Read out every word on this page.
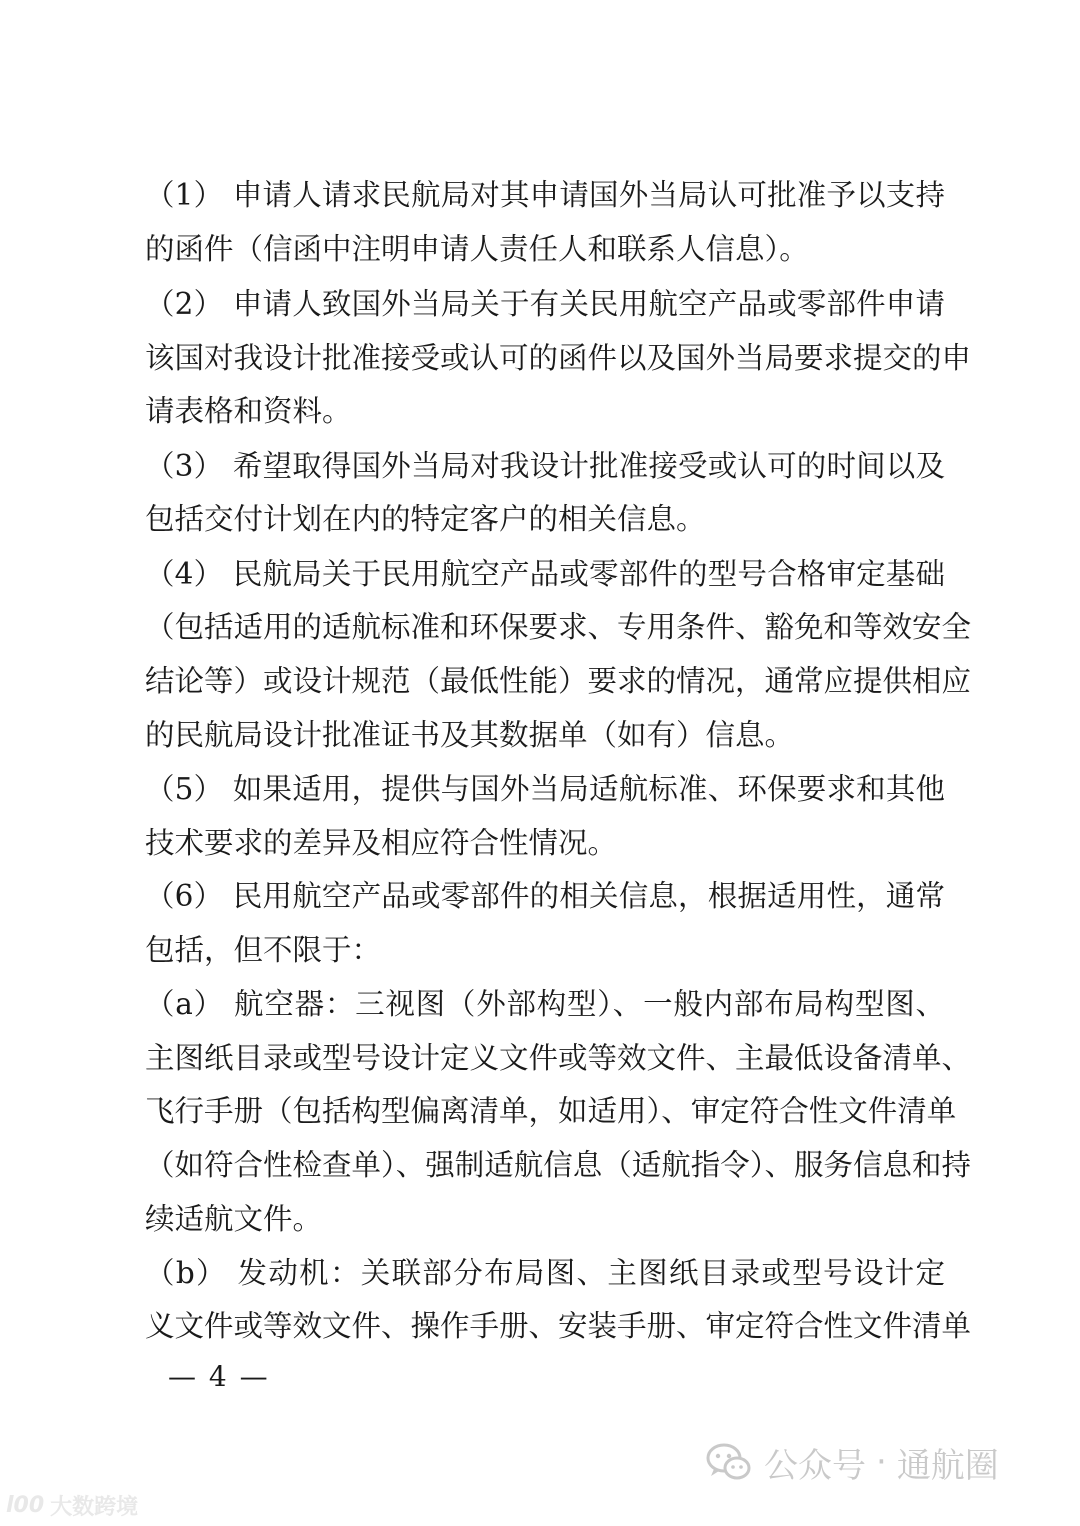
（1） 申请人请求民航局对其申请国外当局认可批准予以支持
的函件（信函中注明申请人责任人和联系人信息）。
（2） 申请人致国外当局关于有关民用航空产品或零部件申请
该国对我设计批准接受或认可的函件以及国外当局要求提交的申
请表格和资料。
（3） 希望取得国外当局对我设计批准接受或认可的时间以及
包括交付计划在内的特定客户的相关信息。
（4） 民航局关于民用航空产品或零部件的型号合格审定基础
（包括适用的适航标准和环保要求、专用条件、豁免和等效安全
结论等）或设计规范（最低性能）要求的情况，通常应提供相应
的民航局设计批准证书及其数据单（如有）信息。
（5） 如果适用，提供与国外当局适航标准、环保要求和其他
技术要求的差异及相应符合性情况。
（6） 民用航空产品或零部件的相关信息，根据适用性，通常
包括，但不限于：
（a） 航空器：三视图（外部构型）、一般内部布局构型图、
主图纸目录或型号设计定义文件或等效文件、主最低设备清单、
飞行手册（包括构型偏离清单，如适用）、审定符合性文件清单
（如符合性检查单）、强制适航信息（适航指令）、服务信息和持
续适航文件。
（b） 发动机：关联部分布局图、主图纸目录或型号设计定
义文件或等效文件、操作手册、安装手册、审定符合性文件清单
— 4 —
公众号 · 通航圈
l00 大数跨境
